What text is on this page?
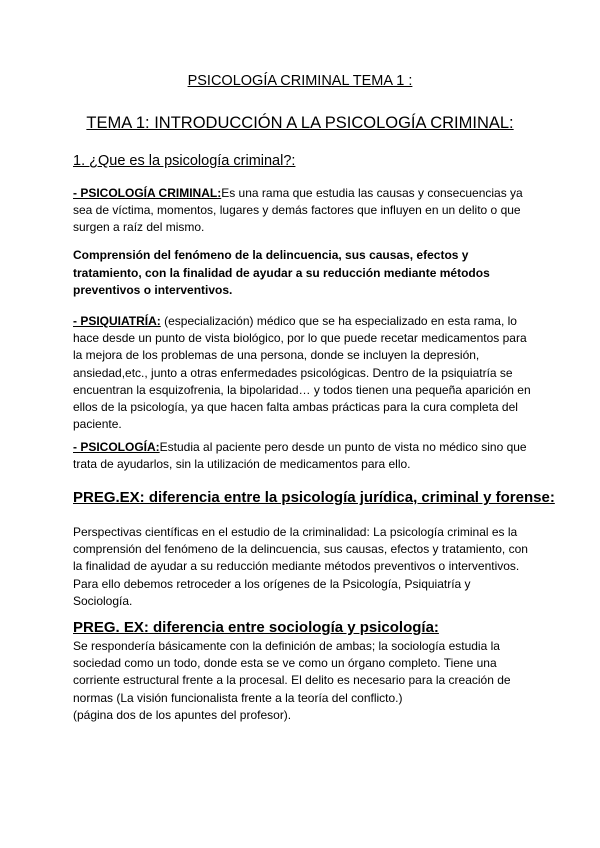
PSICOLOGÍA CRIMINAL TEMA 1 :
TEMA 1: INTRODUCCIÓN A LA PSICOLOGÍA CRIMINAL:
1. ¿Que es la psicología criminal?:

- PSICOLOGÍA CRIMINAL:Es una rama que estudia las causas y consecuencias ya sea de víctima, momentos, lugares y demás factores que influyen en un delito o que surgen a raíz del mismo.

Comprensión del fenómeno de la delincuencia, sus causas, efectos y tratamiento, con la finalidad de ayudar a su reducción mediante métodos preventivos o interventivos.

- PSIQUIATRÍA: (especialización) médico que se ha especializado en esta rama, lo hace desde un punto de vista biológico, por lo que puede recetar medicamentos para la mejora de los problemas de una persona, donde se incluyen la depresión, ansiedad,etc., junto a otras enfermedades psicológicas. Dentro de la psiquiatría se encuentran la esquizofrenia, la bipolaridad… y todos tienen una pequeña aparición en ellos de la psicología, ya que hacen falta ambas prácticas para la cura completa del paciente.

- PSICOLOGÍA:Estudia al paciente pero desde un punto de vista no médico sino que trata de ayudarlos, sin la utilización de medicamentos para ello.

PREG.EX: diferencia entre la psicología jurídica, criminal y forense:

Perspectivas científicas en el estudio de la criminalidad: La psicología criminal es la comprensión del fenómeno de la delincuencia, sus causas, efectos y tratamiento, con la finalidad de ayudar a su reducción mediante métodos preventivos o interventivos. Para ello debemos retroceder a los orígenes de la Psicología, Psiquiatría y Sociología.

PREG. EX: diferencia entre sociología y psicología:

Se respondería básicamente con la definición de ambas; la sociología estudia la sociedad como un todo, donde esta se ve como un órgano completo. Tiene una corriente estructural frente a la procesal. El delito es necesario para la creación de normas (La visión funcionalista frente a la teoría del conflicto.)
(página dos de los apuntes del profesor).
